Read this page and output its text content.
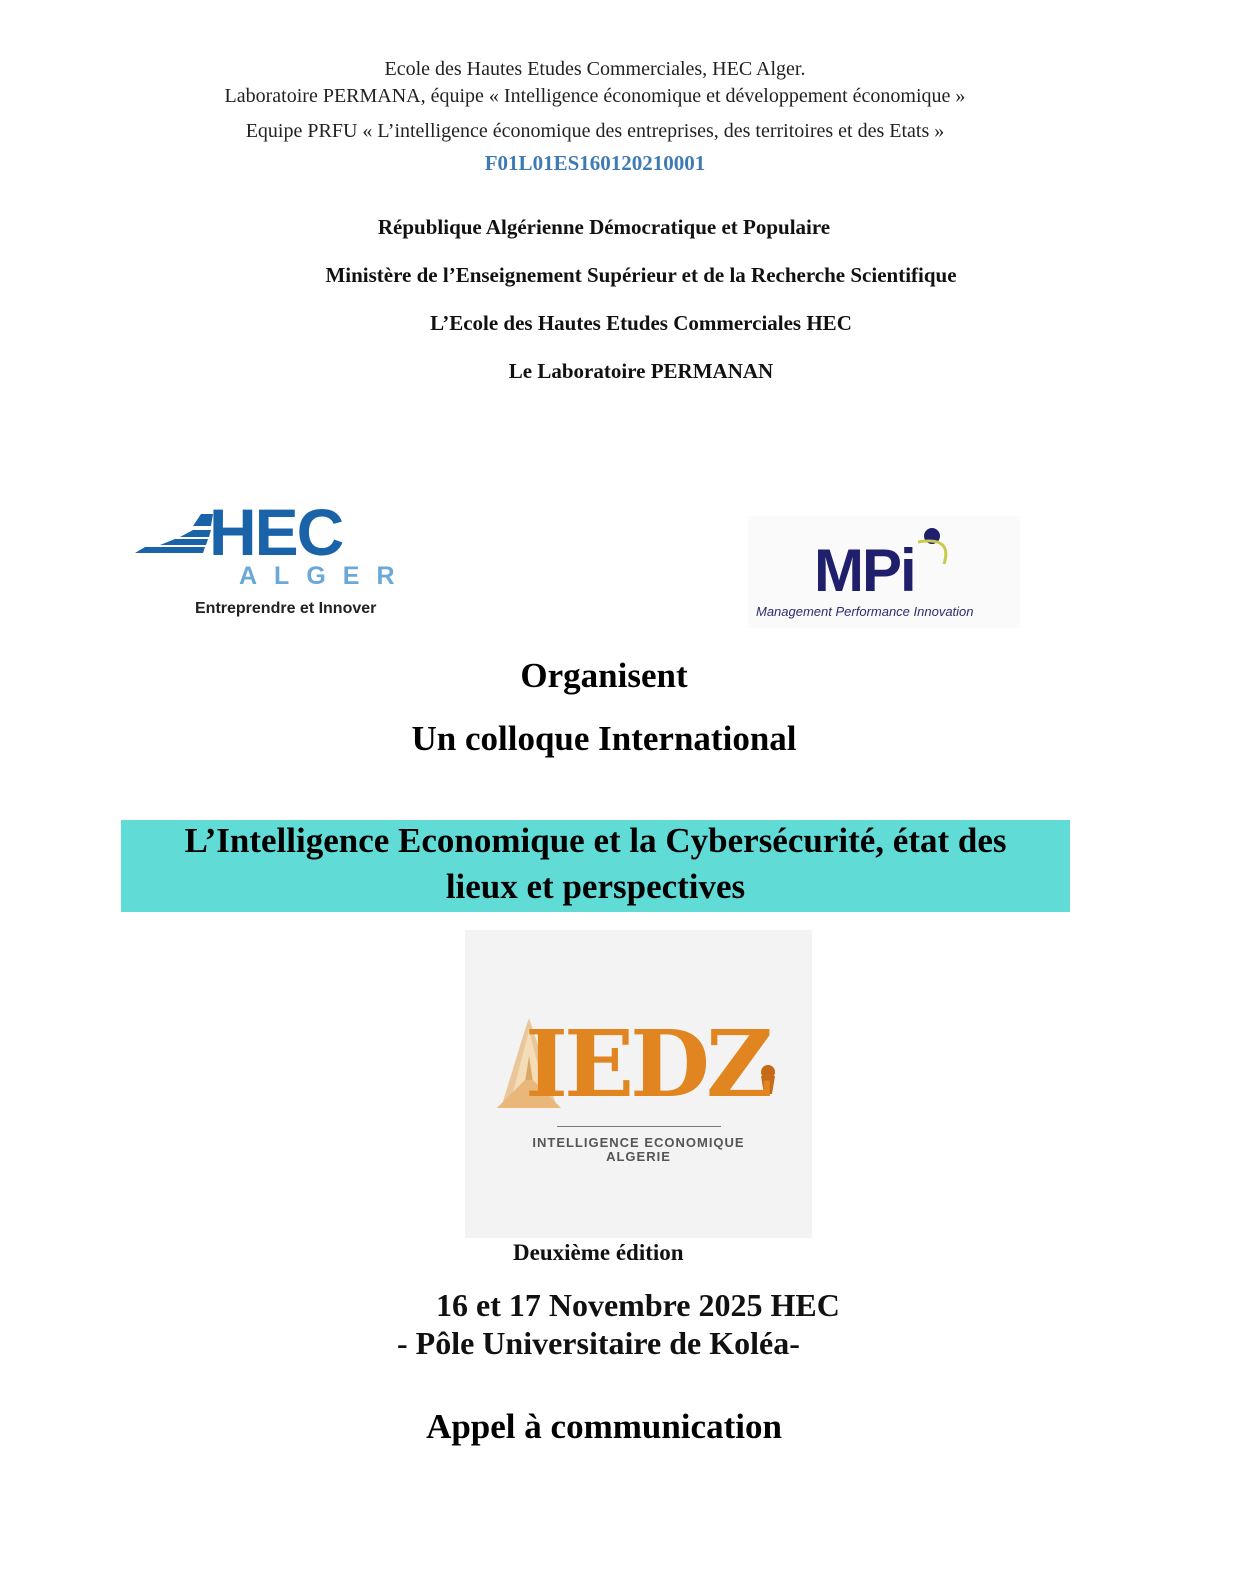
Ecole des Hautes Etudes Commerciales, HEC Alger.
Laboratoire PERMANA, équipe « Intelligence économique et développement économique »
Equipe PRFU « L’intelligence économique des entreprises, des territoires et des Etats »
F01L01ES160120210001
République Algérienne Démocratique et Populaire
Ministère de l’Enseignement Supérieur et de la Recherche Scientifique
L’Ecole des Hautes Etudes Commerciales HEC
Le Laboratoire PERMANAN
HEC
ALGER
Entreprendre et Innover
MPi
Management Performance Innovation
Organisent
Un colloque International
L’Intelligence Economique et la Cybersécurité, état des
lieux et perspectives
IEDZ
INTELLIGENCE ECONOMIQUE
ALGERIE
Deuxième édition
16 et 17 Novembre 2025 HEC
- Pôle Universitaire de Koléa-
Appel à communication
